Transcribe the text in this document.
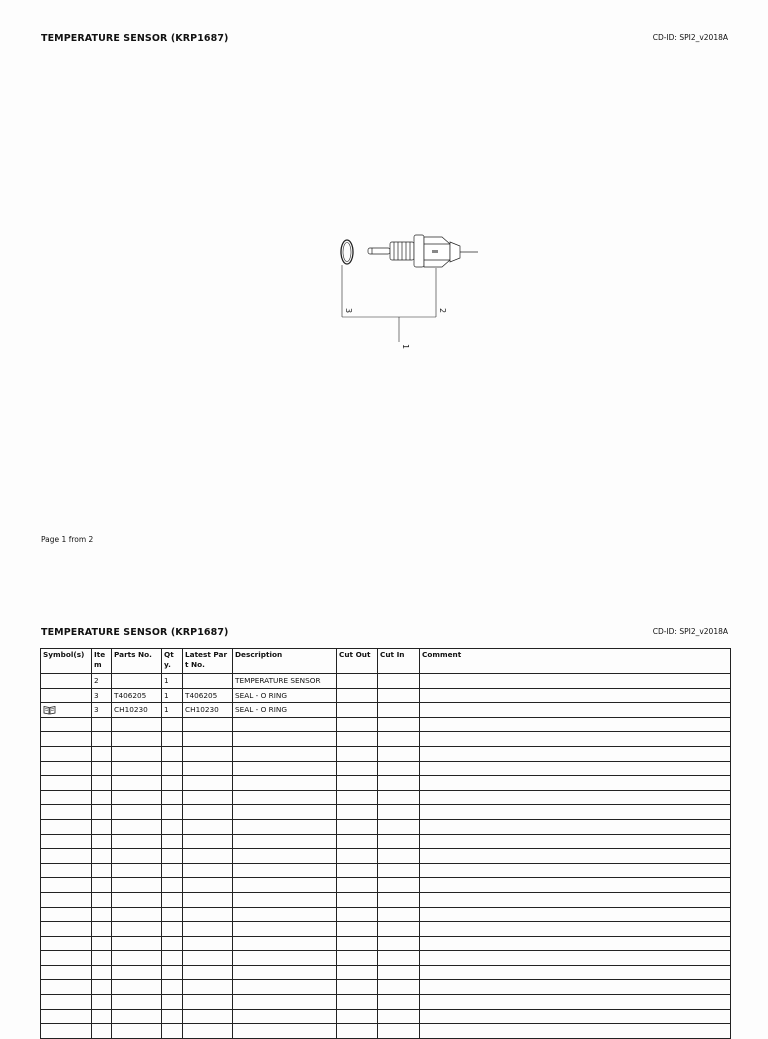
TEMPERATURE SENSOR (KRP1687)	CD-ID: SPI2_v2018A
3	2
1
Page 1 from 2
TEMPERATURE SENSOR (KRP1687)	CD-ID: SPI2_v2018A
Symbol(s)	Item	Parts No.	Qty.	Latest Part No.	Description	Cut Out	Cut In	Comment
	2		1		TEMPERATURE SENSOR			
	3	T406205	1	T406205	SEAL - O RING			
	3	CH10230	1	CH10230	SEAL - O RING			
